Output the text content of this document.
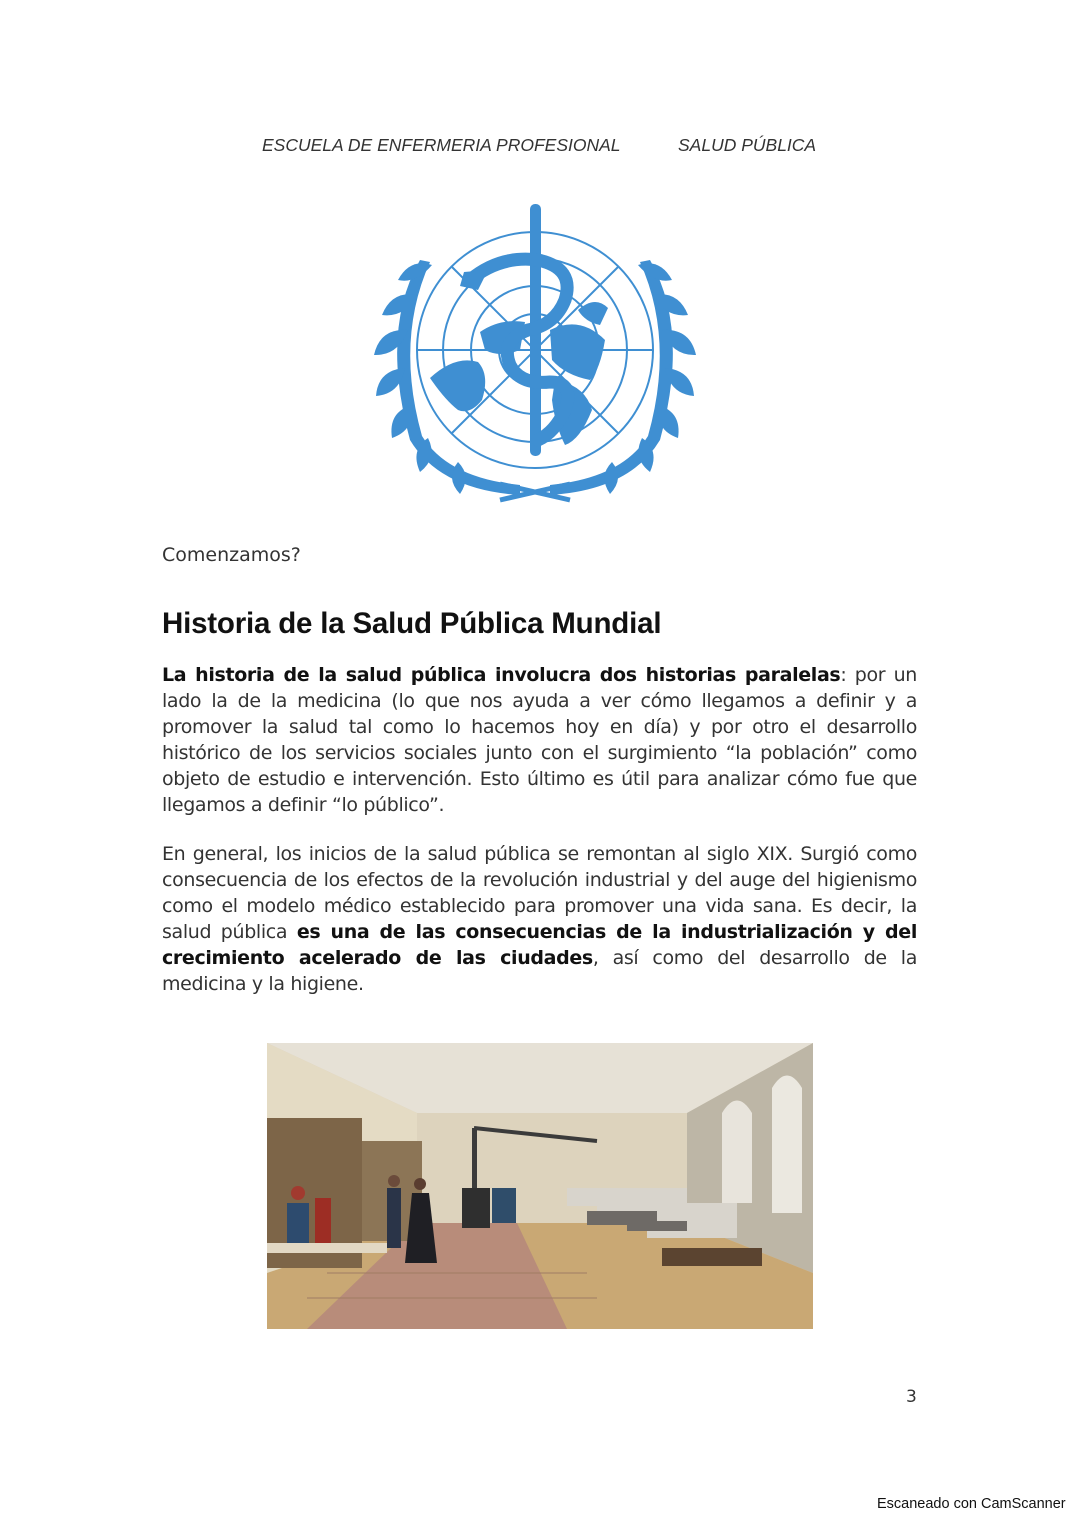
ESCUELA DE ENFERMERIA PROFESIONAL	SALUD PÚBLICA
Comenzamos?
Historia de la Salud Pública Mundial
La historia de la salud pública involucra dos historias paralelas: por un lado la de la medicina (lo que nos ayuda a ver cómo llegamos a definir y a promover la salud tal como lo hacemos hoy en día) y por otro el desarrollo histórico de los servicios sociales junto con el surgimiento “la población” como objeto de estudio e intervención. Esto último es útil para analizar cómo fue que llegamos a definir “lo público”.
En general, los inicios de la salud pública se remontan al siglo XIX. Surgió como consecuencia de los efectos de la revolución industrial y del auge del higienismo como el modelo médico establecido para promover una vida sana. Es decir, la salud pública es una de las consecuencias de la industrialización y del crecimiento acelerado de las ciudades, así como del desarrollo de la medicina y la higiene.
3
Escaneado con CamScanner
